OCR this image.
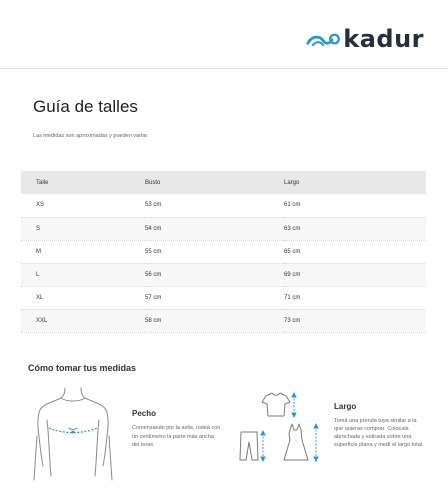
kadur
Guía de talles

Las medidas son aproximadas y pueden variar.

Talle	Busto	Largo
XS	53 cm	61 cm
S	54 cm	63 cm
M	55 cm	65 cm
L	56 cm	69 cm
XL	57 cm	71 cm
XXL	58 cm	73 cm
Cómo tomar tus medidas
Pecho

Comenzando por la axila, rodeá con un centímetro la parte más ancha del torax.

Largo

Tomá una prenda tuya similar a la que quieras comprar. Colocala abrochada y estirada sobre una superficie plana y medí el largo total.
